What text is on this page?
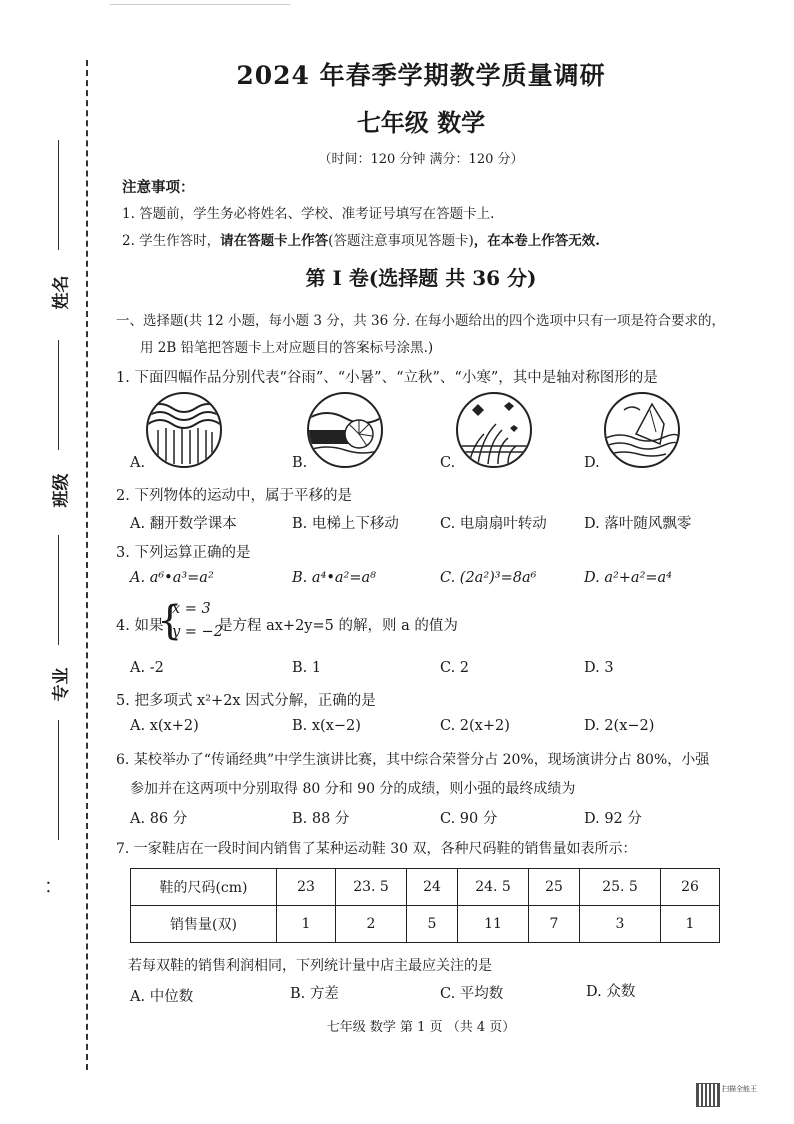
姓名
班级
专业
· ·
2024 年春季学期教学质量调研
七年级 数学
（时间：120 分钟 满分：120 分）
注意事项：
1. 答题前，学生务必将姓名、学校、准考证号填写在答题卡上.
2. 学生作答时，请在答题卡上作答(答题注意事项见答题卡)，在本卷上作答无效.
第 I 卷(选择题 共 36 分)
一、选择题(共 12 小题，每小题 3 分，共 36 分. 在每小题给出的四个选项中只有一项是符合要求的，
用 2B 铅笔把答题卡上对应题目的答案标号涂黑.)
1. 下面四幅作品分别代表“谷雨”、“小暑”、“立秋”、“小寒”，其中是轴对称图形的是
A.	B.	C.	D.
2. 下列物体的运动中，属于平移的是
A. 翻开数学课本	B. 电梯上下移动	C. 电扇扇叶转动	D. 落叶随风飘零
3. 下列运算正确的是
A. a⁶•a³=a²	B. a⁴•a²=a⁸	C. (2a²)³=8a⁶	D. a²+a²=a⁴
4. 如果
{
x = 3
y = −2
是方程 ax+2y=5 的解，则 a 的值为
A. -2	B. 1	C. 2	D. 3
5. 把多项式 x²+2x 因式分解，正确的是
A. x(x+2)	B. x(x−2)	C. 2(x+2)	D. 2(x−2)
6. 某校举办了“传诵经典”中学生演讲比赛，其中综合荣誉分占 20%，现场演讲分占 80%，小强
参加并在这两项中分别取得 80 分和 90 分的成绩，则小强的最终成绩为
A. 86 分	B. 88 分	C. 90 分	D. 92 分
7. 一家鞋店在一段时间内销售了某种运动鞋 30 双，各种尺码鞋的销售量如表所示：
鞋的尺码(cm)	23	23. 5	24	24. 5	25	25. 5	26
销售量(双)	1	2	5	11	7	3	1
若每双鞋的销售利润相同，下列统计量中店主最应关注的是
A. 中位数	B. 方差	C. 平均数	D. 众数
七年级 数学 第 1 页 （共 4 页）
扫描全能王
